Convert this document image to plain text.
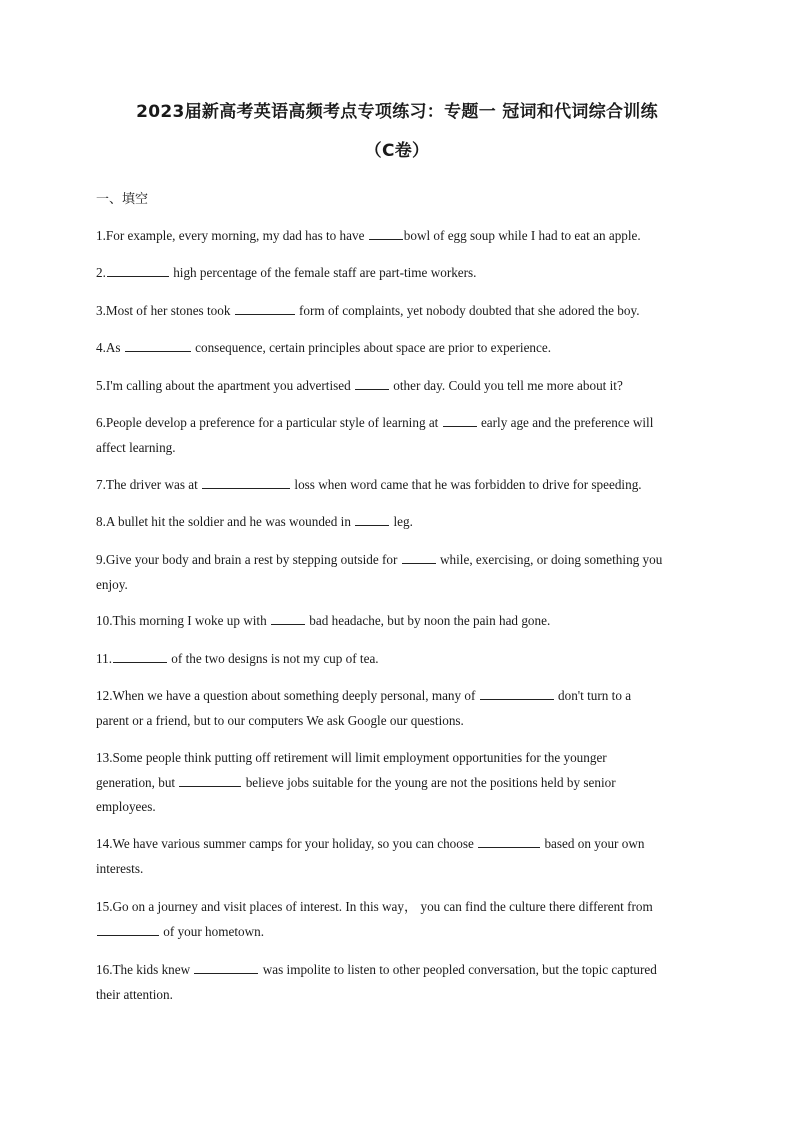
2023届新高考英语高频考点专项练习：专题一 冠词和代词综合训练
（C卷）
一、填空
1.For example, every morning, my dad has to have	bowl of egg soup while I had to eat an apple.
2.	high percentage of the female staff are part-time workers.
3.Most of her stones took	form of complaints, yet nobody doubted that she adored the boy.
4.As	consequence, certain principles about space are prior to experience.
5.I'm calling about the apartment you advertised	other day. Could you tell me more about it?
6.People develop a preference for a particular style of learning at	early age and the preference will
affect learning.
7.The driver was at	loss when word came that he was forbidden to drive for speeding.
8.A bullet hit the soldier and he was wounded in	leg.
9.Give your body and brain a rest by stepping outside for	while, exercising, or doing something you
enjoy.
10.This morning I woke up with	bad headache, but by noon the pain had gone.
11.	of the two designs is not my cup of tea.
12.When we have a question about something deeply personal, many of	don't turn to a
parent or a friend, but to our computers We ask Google our questions.
13.Some people think putting off retirement will limit employment opportunities for the younger
generation, but	believe jobs suitable for the young are not the positions held by senior
employees.
14.We have various summer camps for your holiday, so you can choose	based on your own
interests.
15.Go on a journey and visit places of interest. In this way， you can find the culture there different from
of your hometown.
16.The kids knew	was impolite to listen to other peopled conversation, but the topic captured
their attention.
